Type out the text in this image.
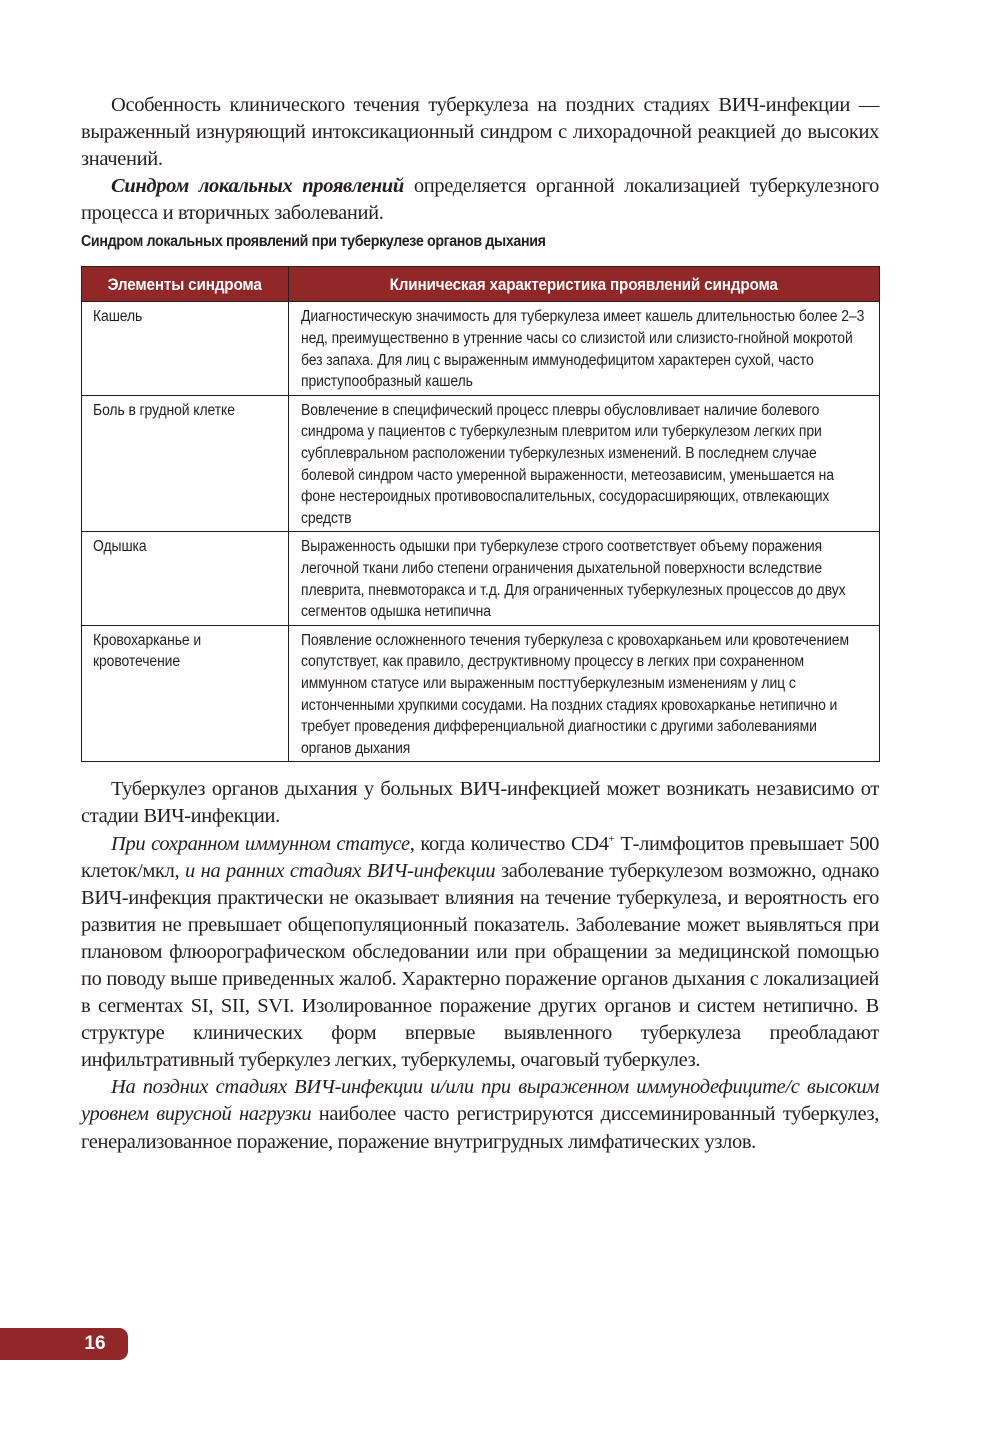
Особенность клинического течения туберкулеза на поздних стадиях ВИЧ-инфекции — выраженный изнуряющий интоксикационный синдром с лихорадочной реакцией до высоких значений.

Синдром локальных проявлений определяется органной локализацией туберкулезного процесса и вторичных заболеваний.

Синдром локальных проявлений при туберкулезе органов дыхания
Элементы синдрома	Клиническая характеристика проявлений синдрома
Кашель	Диагностическую значимость для туберкулеза имеет кашель длительностью более 2–3 нед, преимущественно в утренние часы со слизистой или слизисто-гнойной мокротой без запаха. Для лиц с выраженным иммунодефицитом характерен сухой, часто приступообразный кашель
Боль в грудной клетке	Вовлечение в специфический процесс плевры обусловливает наличие болевого синдрома у пациентов с туберкулезным плевритом или туберкулезом легких при субплевральном расположении туберкулезных изменений. В последнем случае болевой синдром часто умеренной выраженности, метеозависим, уменьшается на фоне нестероидных противовоспалительных, сосудорасширяющих, отвлекающих средств
Одышка	Выраженность одышки при туберкулезе строго соответствует объему поражения легочной ткани либо степени ограничения дыхательной поверхности вследствие плеврита, пневмоторакса и т.д. Для ограниченных туберкулезных процессов до двух сегментов одышка нетипична
Кровохарканье и кровотечение	Появление осложненного течения туберкулеза с кровохарканьем или кровотечением сопутствует, как правило, деструктивному процессу в легких при сохраненном иммунном статусе или выраженным посттуберкулезным изменениям у лиц с истонченными хрупкими сосудами. На поздних стадиях кровохарканье нетипично и требует проведения дифференциальной диагностики с другими заболеваниями органов дыхания

Туберкулез органов дыхания у больных ВИЧ-инфекцией может возникать независимо от стадии ВИЧ-инфекции.

При сохранном иммунном статусе, когда количество CD4+ Т-лимфоцитов превышает 500 клеток/мкл, и на ранних стадиях ВИЧ-инфекции заболевание туберкулезом возможно, однако ВИЧ-инфекция практически не оказывает влияния на течение туберкулеза, и вероятность его развития не превышает общепопуляционный показатель. Заболевание может выявляться при плановом флюорографическом обследовании или при обращении за медицинской помощью по поводу выше приведенных жалоб. Характерно поражение органов дыхания с локализацией в сегментах SI, SII, SVI. Изолированное поражение других органов и систем нетипично. В структуре клинических форм впервые выявленного туберкулеза преобладают инфильтративный туберкулез легких, туберкулемы, очаговый туберкулез.

На поздних стадиях ВИЧ-инфекции и/или при выраженном иммунодефиците/с высоким уровнем вирусной нагрузки наиболее часто регистрируются диссеминированный туберкулез, генерализованное поражение, поражение внутригрудных лимфатических узлов.

16
